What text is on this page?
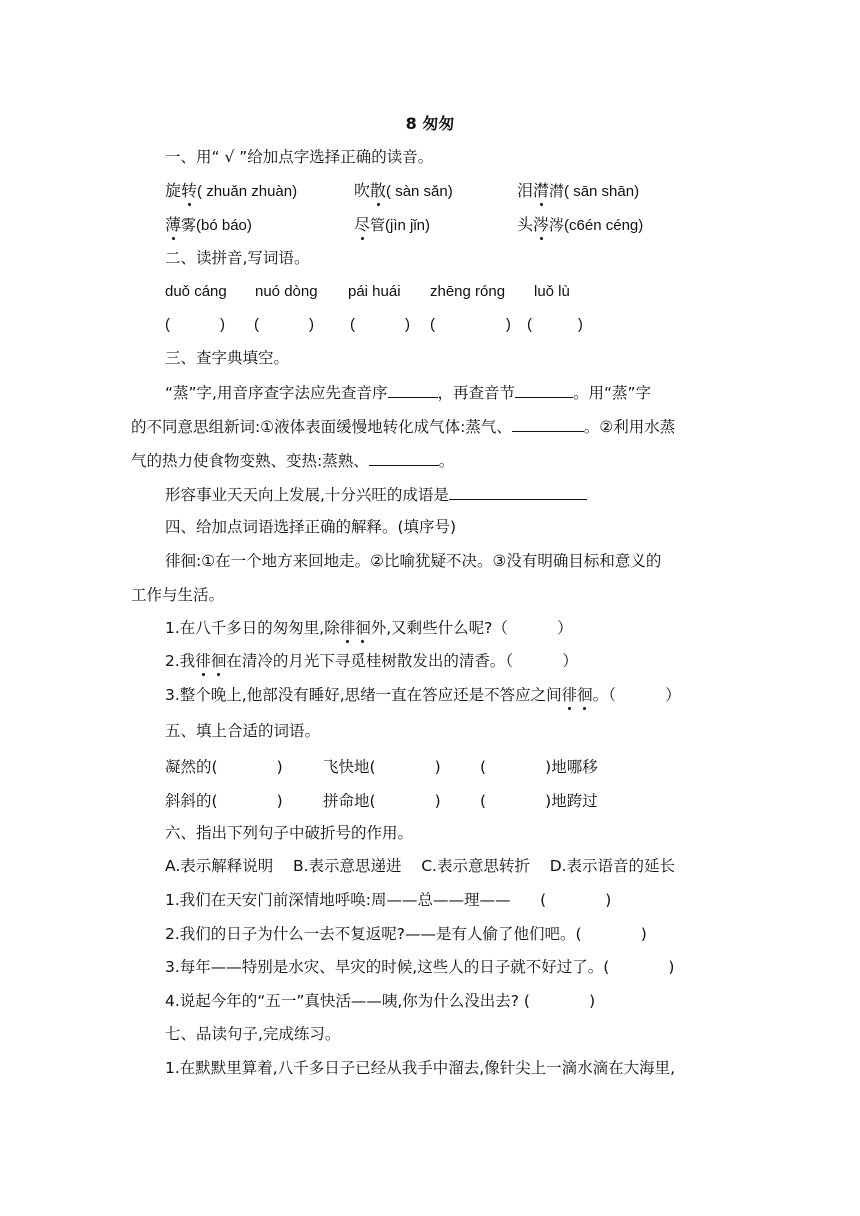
8 匆匆
一、用“ √ ”给加点字选择正确的读音。
旋转( zhuǎn zhuàn)	吹散( sàn sǎn)	泪潸潸( sān shān)
薄雾(bó báo)	尽管(jìn jǐn)	头涔涔(c6én céng)
二、读拼音,写词语。
duǒ cáng nuó dòng pái huái zhēng róng luǒ lù
(            ) (            ) (            ) (                 ) (           )
三、查字典填空。
“蒸”字,用音序查字法应先查音序	，再查音节	。用“蒸”字
的不同意思组新词:①液体表面缓慢地转化成气体:蒸气、	。②利用水蒸
气的热力使食物变熟、变热:蒸熟、	。
形容事业天天向上发展,十分兴旺的成语是
四、给加点词语选择正确的解释。(填序号)
徘徊:①在一个地方来回地走。②比喻犹疑不决。③没有明确目标和意义的
工作与生活。
1.在八千多日的匆匆里,除徘徊外,又剩些什么呢?（          ）
2.我徘徊在清冷的月光下寻觅桂树散发出的清香。（          ）
3.整个晚上,他部没有睡好,思绪一直在答应还是不答应之间徘徊。（          ）
五、填上合适的词语。
凝然的(            )	飞快地(            )	(            )地哪移
斜斜的(            )	拼命地(            )	(            )地跨过
六、指出下列句子中破折号的作用。
A.表示解释说明    B.表示意思递进    C.表示意思转折    D.表示语音的延长
1.我们在天安门前深情地呼唤:周——总——理——      (            )
2.我们的日子为什么一去不复返呢?——是有人偷了他们吧。(            )
3.每年——特别是水灾、旱灾的时候,这些人的日子就不好过了。(            )
4.说起今年的“五一”真快活——咦,你为什么没出去? (            )
七、品读句子,完成练习。
1.在默默里算着,八千多日子已经从我手中溜去,像针尖上一滴水滴在大海里,
